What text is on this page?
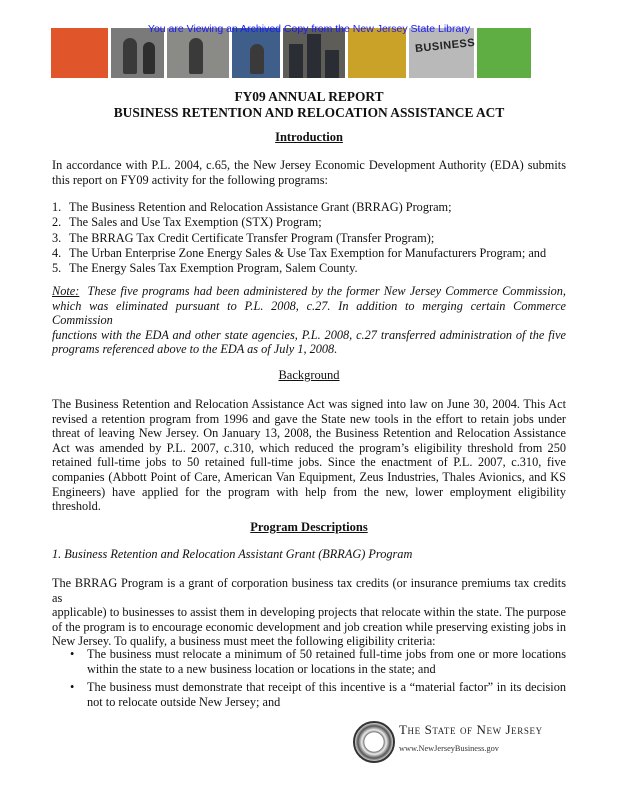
BUSINESS
You are Viewing an Archived Copy from the New Jersey State Library
FY09 ANNUAL REPORT
BUSINESS RETENTION AND RELOCATION ASSISTANCE ACT
Introduction
In accordance with P.L. 2004, c.65, the New Jersey Economic Development Authority (EDA) submits
this report on FY09 activity for the following programs:
1. The Business Retention and Relocation Assistance Grant (BRRAG) Program;
2. The Sales and Use Tax Exemption (STX) Program;
3. The BRRAG Tax Credit Certificate Transfer Program (Transfer Program);
4. The Urban Enterprise Zone Energy Sales & Use Tax Exemption for Manufacturers Program; and
5. The Energy Sales Tax Exemption Program, Salem County.
Note: These five programs had been administered by the former New Jersey Commerce Commission,
which was eliminated pursuant to P.L. 2008, c.27. In addition to merging certain Commerce Commission
functions with the EDA and other state agencies, P.L. 2008, c.27 transferred administration of the five
programs referenced above to the EDA as of July 1, 2008.
Background
The Business Retention and Relocation Assistance Act was signed into law on June 30, 2004. This Act
revised a retention program from 1996 and gave the State new tools in the effort to retain jobs under
threat of leaving New Jersey. On January 13, 2008, the Business Retention and Relocation Assistance
Act was amended by P.L. 2007, c.310, which reduced the program’s eligibility threshold from 250
retained full-time jobs to 50 retained full-time jobs. Since the enactment of P.L. 2007, c.310, five
companies (Abbott Point of Care, American Van Equipment, Zeus Industries, Thales Avionics, and KS
Engineers) have applied for the program with help from the new, lower employment eligibility threshold.
Program Descriptions
1. Business Retention and Relocation Assistant Grant (BRRAG) Program
The BRRAG Program is a grant of corporation business tax credits (or insurance premiums tax credits as
applicable) to businesses to assist them in developing projects that relocate within the state. The purpose
of the program is to encourage economic development and job creation while preserving existing jobs in
New Jersey. To qualify, a business must meet the following eligibility criteria:
• The business must relocate a minimum of 50 retained full-time jobs from one or more locations
within the state to a new business location or locations in the state; and
• The business must demonstrate that receipt of this incentive is a “material factor” in its decision
not to relocate outside New Jersey; and
The State of New Jersey
www.NewJerseyBusiness.gov
